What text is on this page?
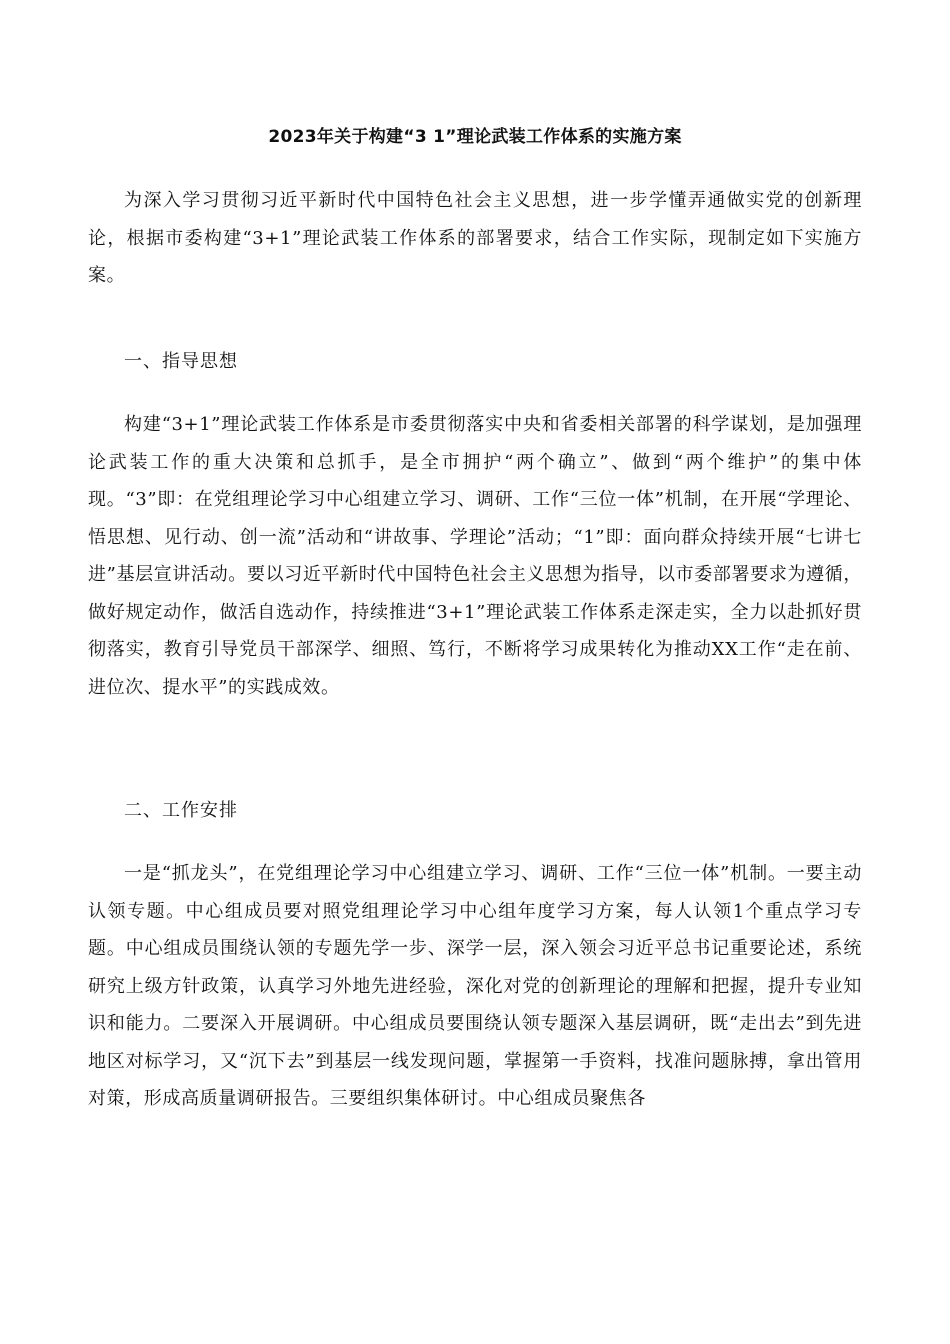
2023年关于构建“3 1”理论武装工作体系的实施方案

为深入学习贯彻习近平新时代中国特色社会主义思想，进一步学懂弄通做实党的创新理论，根据市委构建“3+1”理论武装工作体系的部署要求，结合工作实际，现制定如下实施方案。

一、指导思想

构建“3+1”理论武装工作体系是市委贯彻落实中央和省委相关部署的科学谋划，是加强理论武装工作的重大决策和总抓手，是全市拥护“两个确立”、做到“两个维护”的集中体现。“3”即：在党组理论学习中心组建立学习、调研、工作“三位一体”机制，在开展“学理论、悟思想、见行动、创一流”活动和“讲故事、学理论”活动；“1”即：面向群众持续开展“七讲七进”基层宣讲活动。要以习近平新时代中国特色社会主义思想为指导，以市委部署要求为遵循，做好规定动作，做活自选动作，持续推进“3+1”理论武装工作体系走深走实，全力以赴抓好贯彻落实，教育引导党员干部深学、细照、笃行，不断将学习成果转化为推动XX工作“走在前、进位次、提水平”的实践成效。

二、工作安排

一是“抓龙头”，在党组理论学习中心组建立学习、调研、工作“三位一体”机制。一要主动认领专题。中心组成员要对照党组理论学习中心组年度学习方案，每人认领1个重点学习专题。中心组成员围绕认领的专题先学一步、深学一层，深入领会习近平总书记重要论述，系统研究上级方针政策，认真学习外地先进经验，深化对党的创新理论的理解和把握，提升专业知识和能力。二要深入开展调研。中心组成员要围绕认领专题深入基层调研，既“走出去”到先进地区对标学习，又“沉下去”到基层一线发现问题，掌握第一手资料，找准问题脉搏，拿出管用对策，形成高质量调研报告。三要组织集体研讨。中心组成员聚焦各
